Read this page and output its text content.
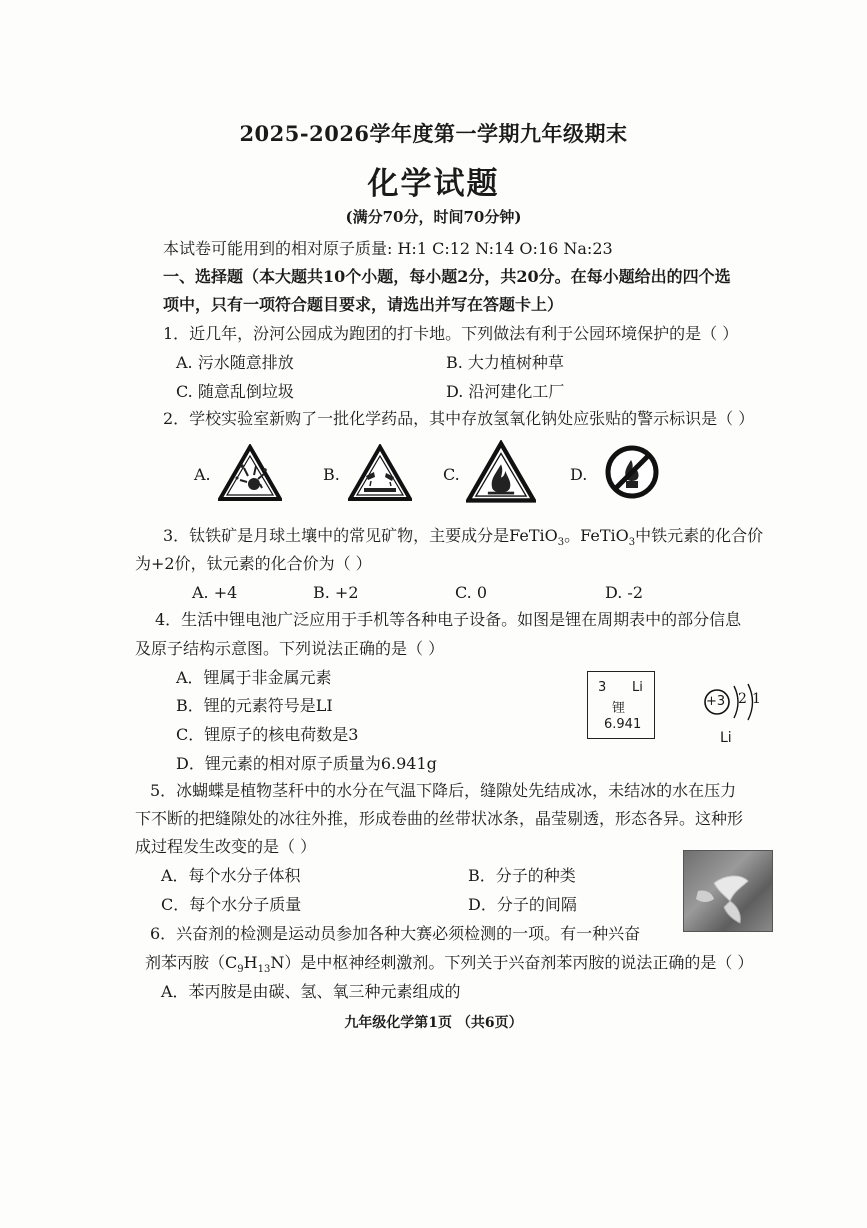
2025-2026学年度第一学期九年级期末
化学试题
(满分70分，时间70分钟)
本试卷可能用到的相对原子质量: H:1 C:12 N:14 O:16 Na:23
一、选择题（本大题共10个小题，每小题2分，共20分。在每小题给出的四个选
项中，只有一项符合题目要求，请选出并写在答题卡上）
1．近几年，汾河公园成为跑团的打卡地。下列做法有利于公园环境保护的是（ ）
A. 污水随意排放	B. 大力植树种草
C. 随意乱倒垃圾	D. 沿河建化工厂
2．学校实验室新购了一批化学药品，其中存放氢氧化钠处应张贴的警示标识是（ ）
A.	B.	C.	D.
3．钛铁矿是月球土壤中的常见矿物，主要成分是FeTiO$_3$。FeTiO$_3$中铁元素的化合价
为+2价，钛元素的化合价为（ ）
A. +4	B. +2	C. 0	D. -2
4．生活中锂电池广泛应用于手机等各种电子设备。如图是锂在周期表中的部分信息
及原子结构示意图。下列说法正确的是（ ）
A．锂属于非金属元素
B．锂的元素符号是LI
C．锂原子的核电荷数是3
D．锂元素的相对原子质量为6.941g
3 Li
锂
6.941
+3 2 1
Li
5．冰蝴蝶是植物茎秆中的水分在气温下降后，缝隙处先结成冰，未结冰的水在压力
下不断的把缝隙处的冰往外推，形成卷曲的丝带状冰条，晶莹剔透，形态各异。这种形
成过程发生改变的是（ ）
A．每个水分子体积	B．分子的种类
C．每个水分子质量	D．分子的间隔
6．兴奋剂的检测是运动员参加各种大赛必须检测的一项。有一种兴奋
剂苯丙胺$(C_9H_{13}N)$是中枢神经刺激剂。下列关于兴奋剂苯丙胺的说法正确的是（ ）
A．苯丙胺是由碳、氢、氧三种元素组成的
九年级化学第1页 （共6页）
